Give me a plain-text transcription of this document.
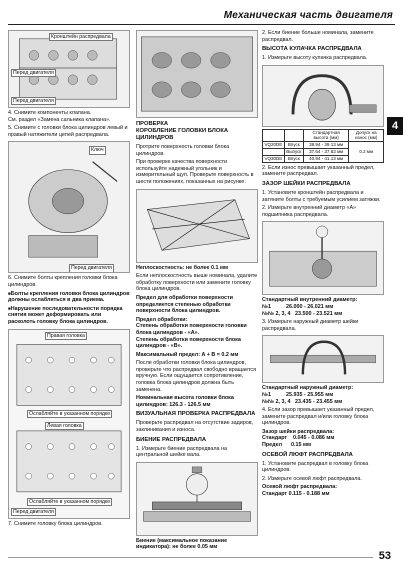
Механическая часть двигателя
4
Кронштейн распредвала
Перед двигателя
Перед двигателя
4. Снимите компоненты клапана.
См. раздел «Замена сальника клапана».
5. Снимите с головки блока цилиндров левый и правый натяжители цепей распредвала.
Ключ
Перед двигателя
6. Снимите болты крепления головки блока цилиндров.
■ Болты крепления головки блока цилиндров должны ослабляться в два приема.
■ Нарушение последовательности порядка снятия может деформировать или расколоть головку блока цилиндров.
Правая головка
Ослабляйте в указанном порядке
Левая головка
Ослабляйте в указанном порядке
Перед двигателя
7. Снимите головку блока цилиндров.
ПРОВЕРКА
КОРОБЛЕНИЕ ГОЛОВКИ БЛОКА ЦИЛИНДРОВ
Протрите поверхность головки блока цилиндров.
При проверке качества поверхности используйте надежный угольник и измерительный щуп. Проверьте поверхность в шести положениях, показанных на рисунке.
Неплоскостность: не более 0.1 мм
Если неплоскостность выше номинала, удалите обработку поверхности или замените головку блока цилиндров.
Предел для обработки поверхности определяется степенью обработки поверхности блока цилиндров.
Предел обработки:
Степень обработки поверхности головки блока цилиндров - «A».
Степень обработки поверхности блока цилиндров - «B».
Максимальный предел: A + B = 0.2 мм
После обработки головки блока цилиндров, проверьте что распредвал свободно вращается вручную. Если ощущается сопротивление, головка блока цилиндров должна быть заменена.
Номинальная высота головки блока цилиндров: 126.3 - 126.5 мм
ВИЗУАЛЬНАЯ ПРОВЕРКА РАСПРЕДВАЛА
Проверьте распредвал на отсутствие задиров, заклинивания и износа.
БИЕНИЕ РАСПРЕДВАЛА
1. Измерьте биение распредвала на центральной шейке вала.
Биение (максимальное показание индикатора): не более 0.05 мм
2. Если биение больше номинала, замените распредвал.
ВЫСОТА КУЛАЧКА РАСПРЕДВАЛА
1. Измерьте высоту кулачка распредвала.
		Стандартная высота (мм)	Допуск на износ (мм)
VQ20DE	Впуск	38.94 - 39.13 мм	0.2 мм
	Выпуск	37.64 - 37.83 мм	
VQ30DE	Впуск	40.94 - 41.13 мм	
2. Если износ превышает указанный предел, замените распредвал.
ЗАЗОР ШЕЙКИ РАСПРЕДВАЛА
1. Установите кронштейн распредвала и затяните болты с требуемым усилием затяжки.
2. Измерьте внутренний диаметр «A» подшипника распредвала.
Стандартный внутренний диаметр:
№1          26.000 - 26.021 мм
№№ 2, 3, 4   23.500 - 23.521 мм
3. Измерьте наружный диаметр шейки распредвала.
Стандартный наружный диаметр:
№1          25.935 - 25.955 мм
№№ 2, 3, 4   23.435 - 23.455 мм
4. Если зазор превышает указанный предел, замените распредвал и/или головку блока цилиндров.
Зазор шейки распредвала:
Стандарт    0.045 - 0.086 мм
Предел      0.15 мм
ОСЕВОЙ ЛЮФТ РАСПРЕДВАЛА
1. Установите распредвал в головку блока цилиндров.
2. Измерьте осевой люфт распредвала.
Осевой люфт распредвала:
Стандарт 0.115 - 0.188 мм
53
